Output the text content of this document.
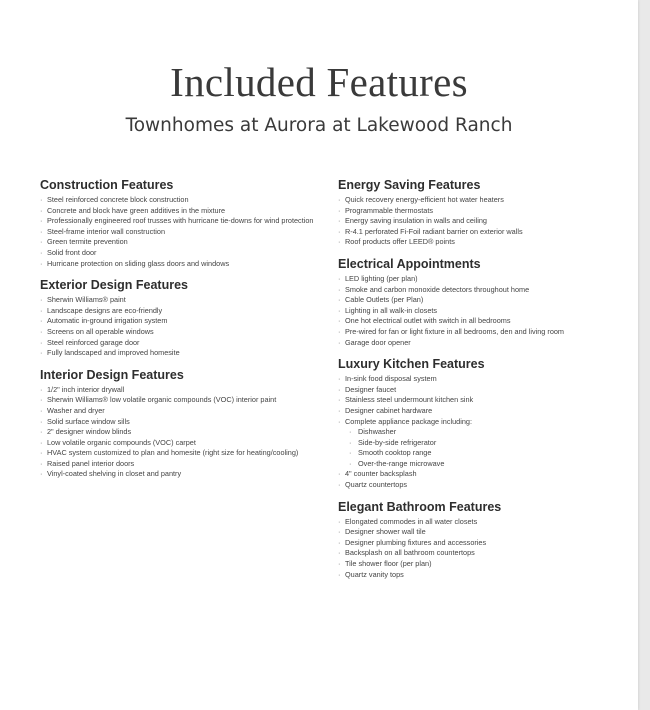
Included Features
Townhomes at Aurora at Lakewood Ranch
Construction Features
· Steel reinforced concrete block construction
· Concrete and block have green additives in the mixture
· Professionally engineered roof trusses with hurricane tie-downs for wind protection
· Steel-frame interior wall construction
· Green termite prevention
· Solid front door
· Hurricane protection on sliding glass doors and windows
Exterior Design Features
· Sherwin Williams® paint
· Landscape designs are eco-friendly
· Automatic in-ground irrigation system
· Screens on all operable windows
· Steel reinforced garage door
· Fully landscaped and improved homesite
Interior Design Features
· 1/2" inch interior drywall
· Sherwin Williams® low volatile organic compounds (VOC) interior paint
· Washer and dryer
· Solid surface window sills
· 2" designer window blinds
· Low volatile organic compounds (VOC) carpet
· HVAC system customized to plan and homesite (right size for heating/cooling)
· Raised panel interior doors
· Vinyl-coated shelving in closet and pantry
Energy Saving Features
· Quick recovery energy-efficient hot water heaters
· Programmable thermostats
· Energy saving insulation in walls and ceiling
· R-4.1 perforated Fi-Foil radiant barrier on exterior walls
· Roof products offer LEED® points
Electrical Appointments
· LED lighting (per plan)
· Smoke and carbon monoxide detectors throughout home
· Cable Outlets (per Plan)
· Lighting in all walk-in closets
· One hot electrical outlet with switch in all bedrooms
· Pre-wired for fan or light fixture in all bedrooms, den and living room
· Garage door opener
Luxury Kitchen Features
· In-sink food disposal system
· Designer faucet
· Stainless steel undermount kitchen sink
· Designer cabinet hardware
· Complete appliance package including:
· Dishwasher
· Side-by-side refrigerator
· Smooth cooktop range
· Over-the-range microwave
· 4" counter backsplash
· Quartz countertops
Elegant Bathroom Features
· Elongated commodes in all water closets
· Designer shower wall tile
· Designer plumbing fixtures and accessories
· Backsplash on all bathroom countertops
· Tile shower floor (per plan)
· Quartz vanity tops
